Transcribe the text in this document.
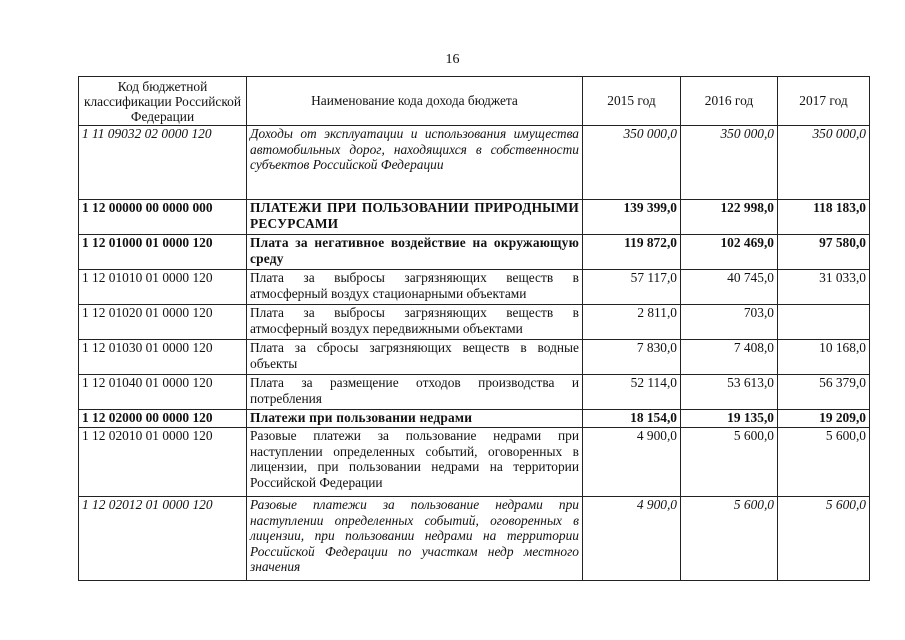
16
Код бюджетной классификации Российской Федерации	Наименование кода дохода бюджета	2015 год	2016 год	2017 год
1 11 09032 02 0000 120	Доходы от эксплуатации и использования имущества автомобильных дорог, находящихся в собственности субъектов Российской Федерации	350 000,0	350 000,0	350 000,0
1 12 00000 00 0000 000	ПЛАТЕЖИ ПРИ ПОЛЬЗОВАНИИ ПРИРОДНЫМИ РЕСУРСАМИ	139 399,0	122 998,0	118 183,0
1 12 01000 01 0000 120	Плата за негативное воздействие на окружающую среду	119 872,0	102 469,0	97 580,0
1 12 01010 01 0000 120	Плата за выбросы загрязняющих веществ в атмосферный воздух стационарными объектами	57 117,0	40 745,0	31 033,0
1 12 01020 01 0000 120	Плата за выбросы загрязняющих веществ в атмосферный воздух передвижными объектами	2 811,0	703,0	
1 12 01030 01 0000 120	Плата за сбросы загрязняющих веществ в водные объекты	7 830,0	7 408,0	10 168,0
1 12 01040 01 0000 120	Плата за размещение отходов производства и потребления	52 114,0	53 613,0	56 379,0
1 12 02000 00 0000 120	Платежи при пользовании недрами	18 154,0	19 135,0	19 209,0
1 12 02010 01 0000 120	Разовые платежи за пользование недрами при наступлении определенных событий, оговоренных в лицензии, при пользовании недрами на территории Российской Федерации	4 900,0	5 600,0	5 600,0
1 12 02012 01 0000 120	Разовые платежи за пользование недрами при наступлении определенных событий, оговоренных в лицензии, при пользовании недрами на территории Российской Федерации по участкам недр местного значения	4 900,0	5 600,0	5 600,0
